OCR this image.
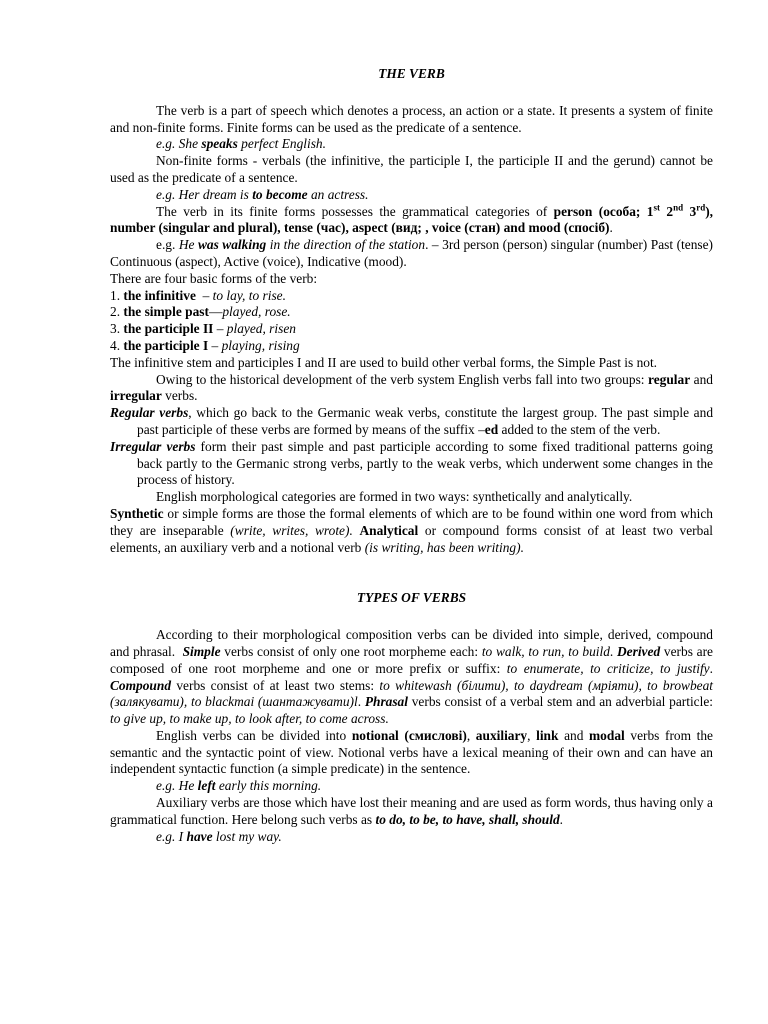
THE VERB

The verb is a part of speech which denotes a process, an action or a state. It presents a system of finite and non-finite forms. Finite forms can be used as the predicate of a sentence.

e.g. She speaks perfect English.

Non-finite forms - verbals (the infinitive, the participle I, the participle II and the gerund) cannot be used as the predicate of a sentence.

e.g. Her dream is to become an actress.

The verb in its finite forms possesses the grammatical categories of person (особа; 1st 2nd 3rd), number (singular and plural), tense (час), aspect (вид; , voice (стан) and mood (спосіб).

e.g. He was walking in the direction of the station. – 3rd person (person) singular (number) Past (tense) Continuous (aspect), Active (voice), Indicative (mood).

There are four basic forms of the verb:

1. the infinitive  – to lay, to rise.

2. the simple past—played, rose.

3. the participle II – played, risen

4. the participle I – playing, rising

The infinitive stem and participles I and II are used to build other verbal forms, the Simple Past is not.

Owing to the historical development of the verb system English verbs fall into two groups: regular and irregular verbs.

Regular verbs, which go back to the Germanic weak verbs, constitute the largest group. The past simple and past participle of these verbs are formed by means of the suffix –ed added to the stem of the verb.

Irregular verbs form their past simple and past participle according to some fixed traditional patterns going back partly to the Germanic strong verbs, partly to the weak verbs, which underwent some changes in the process of history.

English morphological categories are formed in two ways: synthetically and analytically.

Synthetic or simple forms are those the formal elements of which are to be found within one word from which they are inseparable (write, writes, wrote). Analytical or compound forms consist of at least two verbal elements, an auxiliary verb and a notional verb (is writing, has been writing).

TYPES OF VERBS

According to their morphological composition verbs can be divided into simple, derived, compound and phrasal.  Simple verbs consist of only one root morpheme each: to walk, to run, to build. Derived verbs are composed of one root morpheme and one or more prefix or suffix: to enumerate, to criticize, to justify. Compound verbs consist of at least two stems: to whitewash (білити), to daydream (мріяти), to browbeat (залякувати), to blackmai (шантажувати)l. Phrasal verbs consist of a verbal stem and an adverbial particle: to give up, to make up, to look after, to come across.

English verbs can be divided into notional (смислові), auxiliary, link and modal verbs from the semantic and the syntactic point of view. Notional verbs have a lexical meaning of their own and can have an independent syntactic function (a simple predicate) in the sentence.

e.g. He left early this morning.

Auxiliary verbs are those which have lost their meaning and are used as form words, thus having only a grammatical function. Here belong such verbs as to do, to be, to have, shall, should.

e.g. I have lost my way.
